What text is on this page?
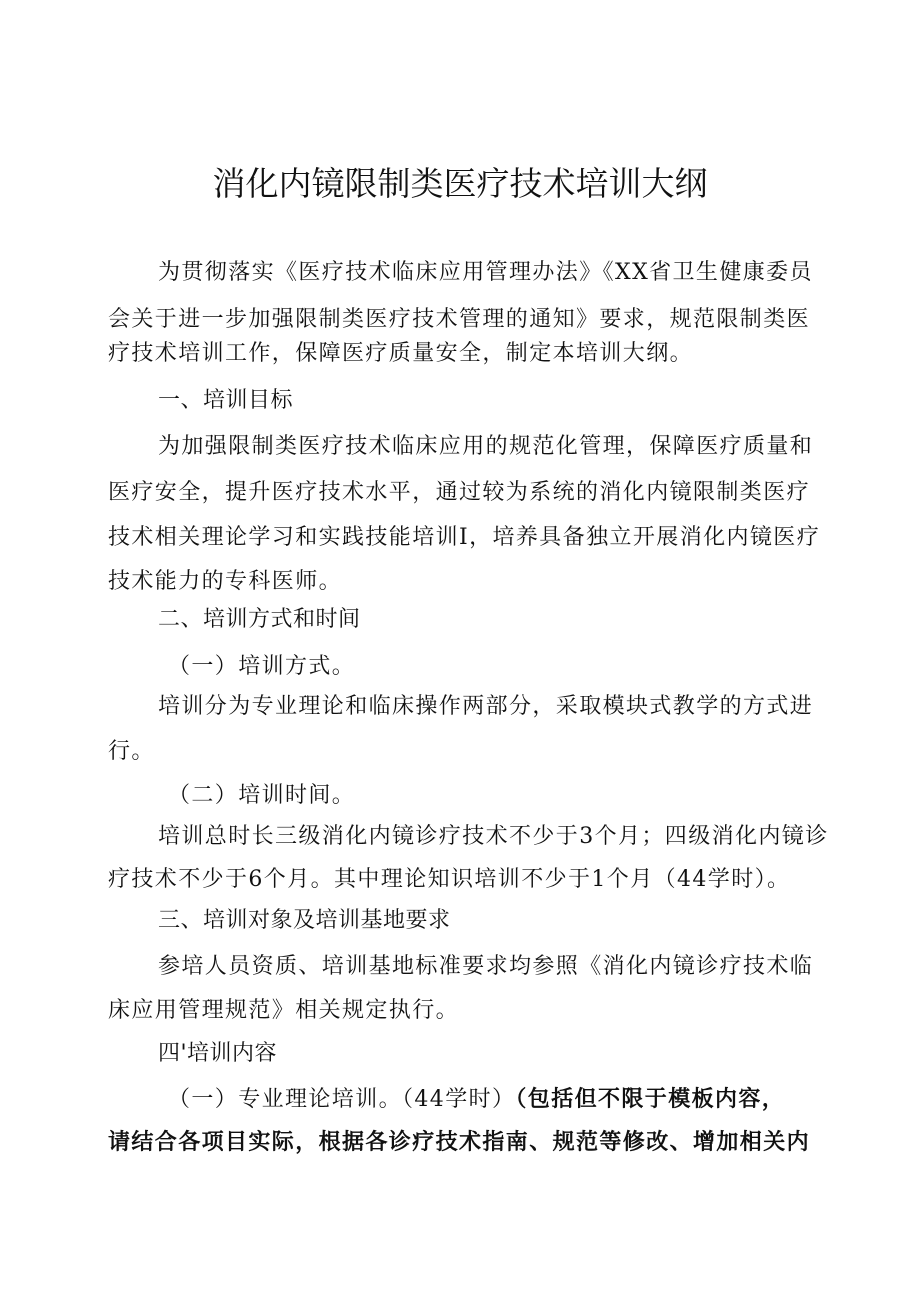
消化内镜限制类医疗技术培训大纲
为贯彻落实《医疗技术临床应用管理办法》《XX省卫生健康委员
会关于进一步加强限制类医疗技术管理的通知》要求，规范限制类医
疗技术培训工作，保障医疗质量安全，制定本培训大纲。
一、培训目标
为加强限制类医疗技术临床应用的规范化管理，保障医疗质量和
医疗安全，提升医疗技术水平，通过较为系统的消化内镜限制类医疗
技术相关理论学习和实践技能培训I，培养具备独立开展消化内镜医疗
技术能力的专科医师。
二、培训方式和时间
（一）培训方式。
培训分为专业理论和临床操作两部分，采取模块式教学的方式进
行。
（二）培训时间。
培训总时长三级消化内镜诊疗技术不少于3个月；四级消化内镜诊
疗技术不少于6个月。其中理论知识培训不少于1个月（44学时）。
三、培训对象及培训基地要求
参培人员资质、培训基地标准要求均参照《消化内镜诊疗技术临
床应用管理规范》相关规定执行。
四'培训内容
（一）专业理论培训。（44学时）（包括但不限于模板内容，
请结合各项目实际，根据各诊疗技术指南、规范等修改、增加相关内
